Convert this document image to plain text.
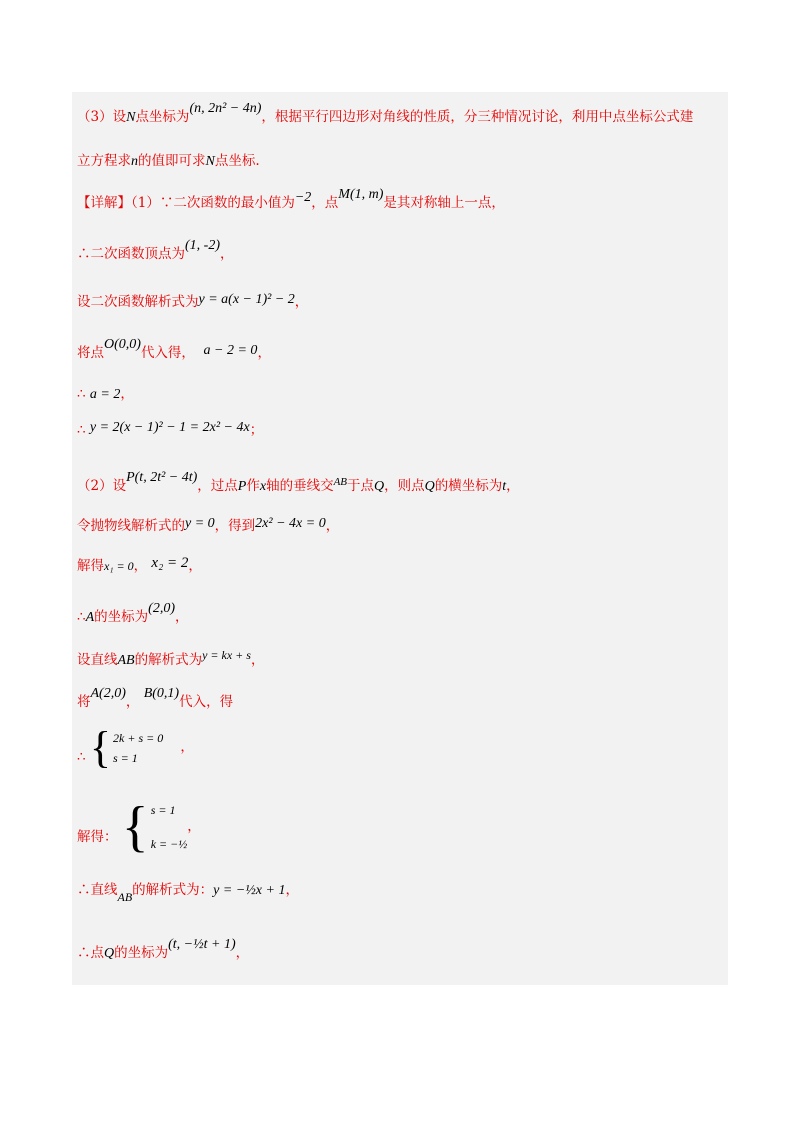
（3）设N点坐标为(n, 2n² − 4n)，根据平行四边形对角线的性质，分三种情况讨论，利用中点坐标公式建
立方程求n的值即可求N点坐标.
【详解】（1）∵二次函数的最小值为−2，点M(1, m)是其对称轴上一点，
∴二次函数顶点为(1, -2)，
设二次函数解析式为y = a(x − 1)² − 2，
将点O(0,0)代入得， a − 2 = 0，
∴ a = 2，
∴ y = 2(x − 1)² − 1 = 2x² − 4x；
（2）设P(t, 2t² − 4t)，过点P作x轴的垂线交$^{AB}$于点Q，则点Q的横坐标为t，
令抛物线解析式的y = 0，得到2x² − 4x = 0，
解得x₁ = 0， x₂ = 2，
∴A的坐标为(2,0)，
设直线AB的解析式为y = kx + s，
将A(2,0)， B(0,1)代入，得
∴ { 2k + s = 0
s = 1
，
解得： { s = 1
k = −½
，
∴直线AB的解析式为：y = −½x + 1，
∴点Q的坐标为(t, −½t + 1)，
